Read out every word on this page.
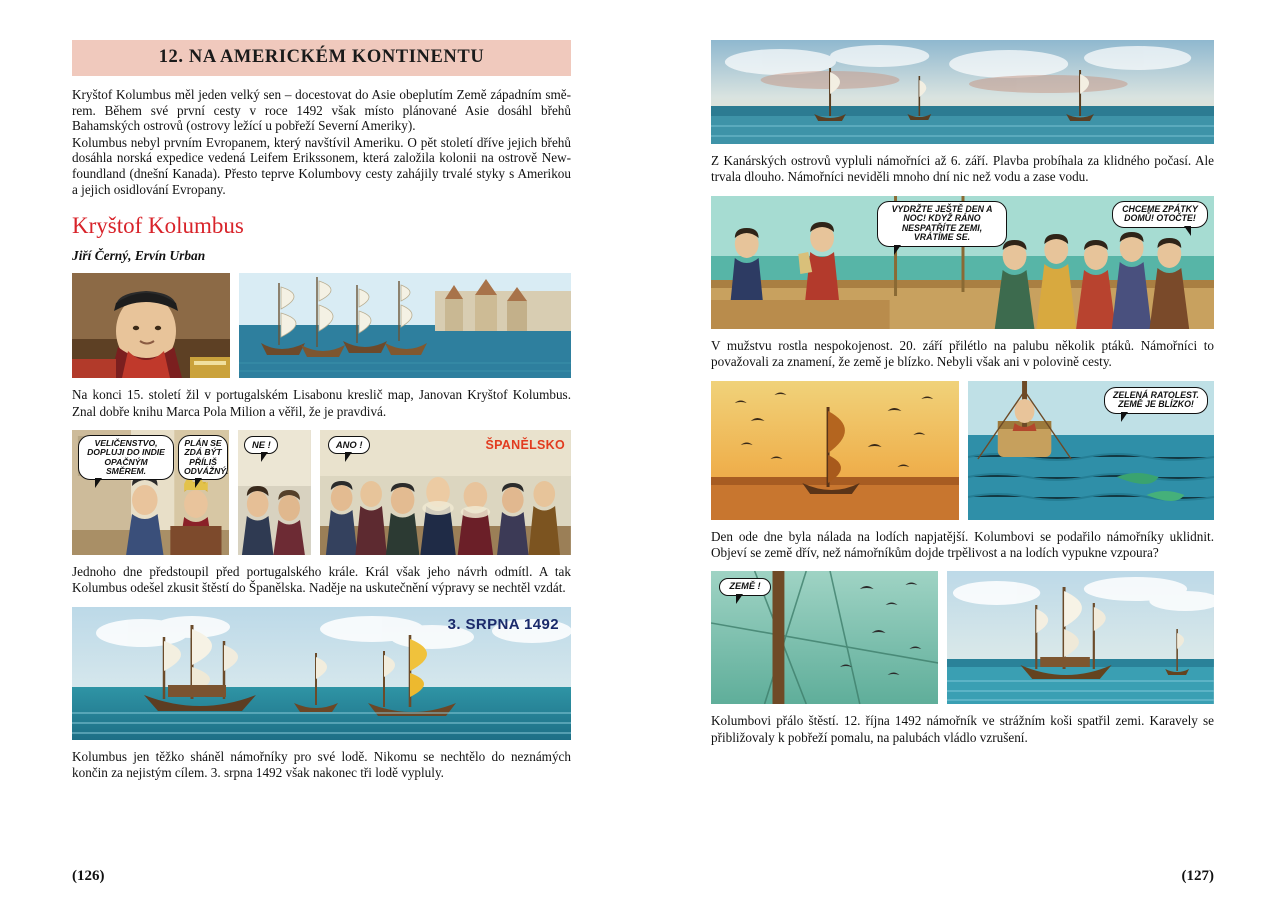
12. NA AMERICKÉM KONTINENTU

Kryštof Kolumbus měl jeden velký sen – docestovat do Asie obeplutím Země západním směrem. Během své první cesty v roce 1492 však místo plánované Asie dosáhl břehů Bahamských ostrovů (ostrovy ležící u pobřeží Severní Ameriky).

Kolumbus nebyl prvním Evropanem, který navštívil Ameriku. O pět století dříve jejich břehů dosáhla norská expedice vedená Leifem Erikssonem, která založila kolonii na ostrově Newfoundland (dnešní Kanada). Přesto teprve Kolumbovy cesty zahájily trvalé styky s Amerikou a jejich osidlování Evropany.

Kryštof Kolumbus
Jiří Černý, Ervín Urban

Na konci 15. století žil v portugalském Lisabonu kreslič map, Janovan Kryštof Kolumbus. Znal dobře knihu Marca Pola Milion a věřil, že je pravdivá.

VELIČENSTVO, DOPLUJI DO INDIE OPAČNÝM SMĚREM.
PLÁN SE ZDÁ BÝT PŘÍLIŠ ODVÁŽNÝ.
NE !	ANO !	ŠPANĚLSKO

Jednoho dne předstoupil před portugalského krále. Král však jeho návrh odmítl. A tak Kolumbus odešel zkusit štěstí do Španělska. Naděje na uskutečnění výpravy se nechtěl vzdát.

3. SRPNA 1492

Kolumbus jen těžko sháněl námořníky pro své lodě. Nikomu se nechtělo do neznámých končin za nejistým cílem. 3. srpna 1492 však nakonec tři lodě vypluly.

(126)

Z Kanárských ostrovů vypluli námořníci až 6. září. Plavba probíhala za klidného počasí. Ale trvala dlouho. Námořníci neviděli mnoho dní nic než vodu a zase vodu.

VYDRŽTE JEŠTĚ DEN A NOC! KDYŽ RÁNO NESPATŘÍTE ZEMI, VRÁTÍME SE.
CHCEME ZPÁTKY DOMŮ! OTOČTE!

V mužstvu rostla nespokojenost. 20. září přilétlo na palubu několik ptáků. Námořníci to považovali za znamení, že země je blízko. Nebyli však ani v polovině cesty.

ZELENÁ RATOLEST. ZEMĚ JE BLÍZKO!

Den ode dne byla nálada na lodích napjatější. Kolumbovi se podařilo námořníky uklidnit. Objeví se země dřív, než námořníkům dojde trpělivost a na lodích vypukne vzpoura?

ZEMĚ !

Kolumbovi přálo štěstí. 12. října 1492 námořník ve strážním koši spatřil zemi. Karavely se přibližovaly k pobřeží pomalu, na palubách vládlo vzrušení.

(127)
